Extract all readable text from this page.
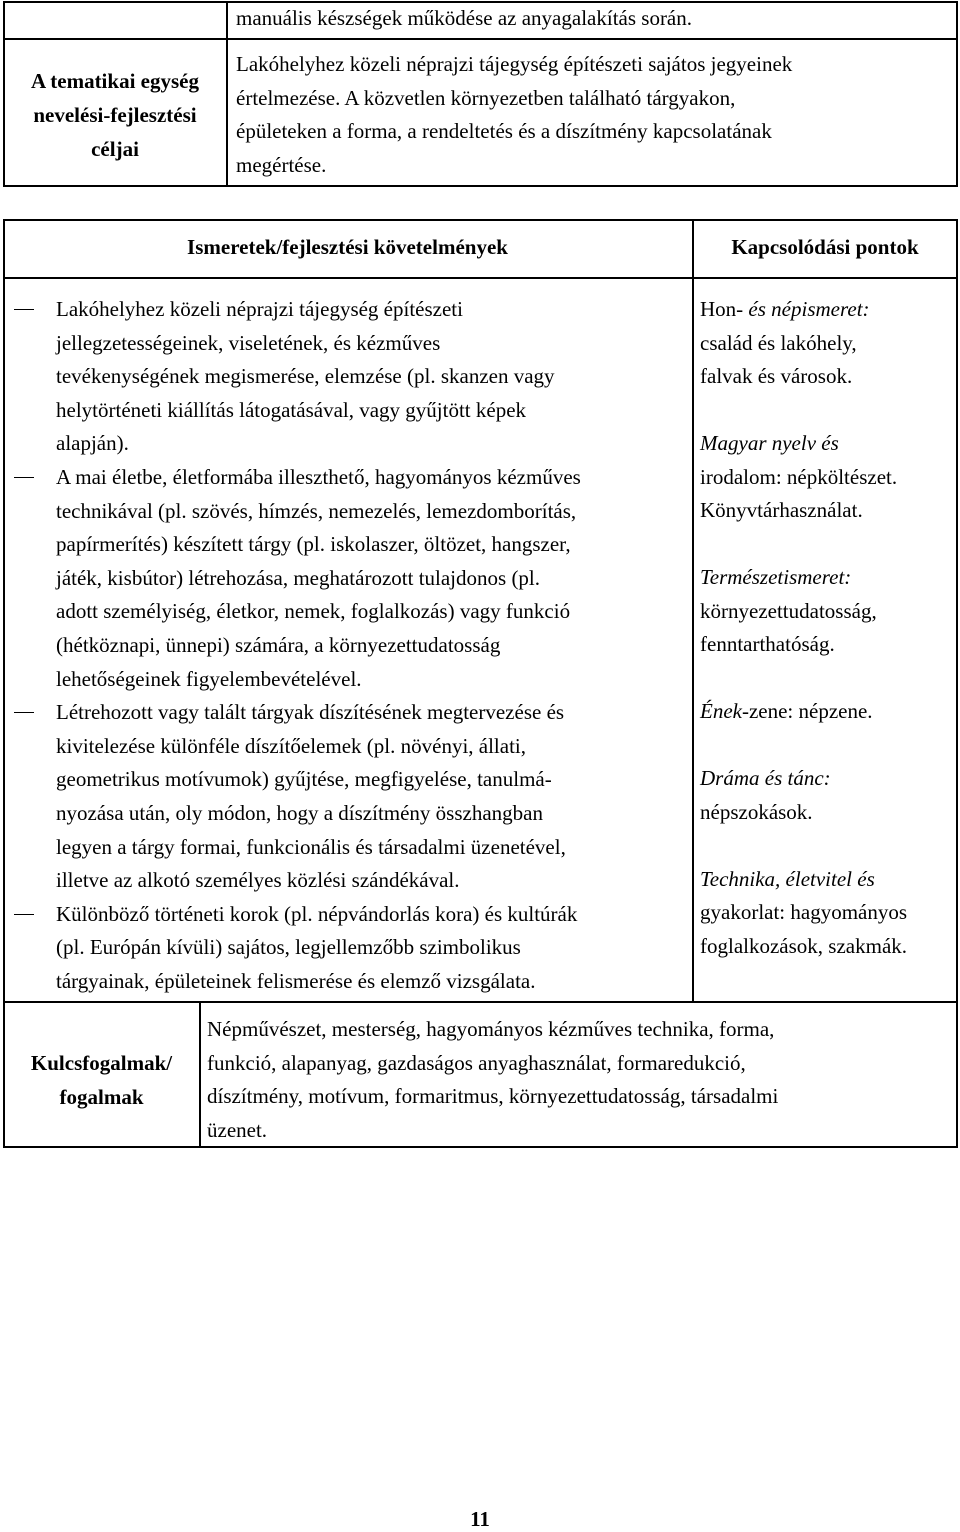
manuális készségek működése az anyagalakítás során.
A tematikai egység
nevelési-fejlesztési
céljai
Lakóhelyhez közeli néprajzi tájegység építészeti sajátos jegyeinek
értelmezése. A közvetlen környezetben található tárgyakon,
épületeken a forma, a rendeltetés és a díszítmény kapcsolatának
megértése.
Ismeretek/fejlesztési követelmények	Kapcsolódási pontok
Lakóhelyhez közeli néprajzi tájegység építészeti
jellegzetességeinek, viseletének, és kézműves
tevékenységének megismerése, elemzése (pl. skanzen vagy
helytörténeti kiállítás látogatásával, vagy gyűjtött képek
alapján).
A mai életbe, életformába illeszthető, hagyományos kézműves
technikával (pl. szövés, hímzés, nemezelés, lemezdomborítás,
papírmerítés) készített tárgy (pl. iskolaszer, öltözet, hangszer,
játék, kisbútor) létrehozása, meghatározott tulajdonos (pl.
adott személyiség, életkor, nemek, foglalkozás) vagy funkció
(hétköznapi, ünnepi) számára, a környezettudatosság
lehetőségeinek figyelembevételével.
Létrehozott vagy talált tárgyak díszítésének megtervezése és
kivitelezése különféle díszítőelemek (pl. növényi, állati,
geometrikus motívumok) gyűjtése, megfigyelése, tanulmá-
nyozása után, oly módon, hogy a díszítmény összhangban
legyen a tárgy formai, funkcionális és társadalmi üzenetével,
illetve az alkotó személyes közlési szándékával.
Különböző történeti korok (pl. népvándorlás kora) és kultúrák
(pl. Európán kívüli) sajátos, legjellemzőbb szimbolikus
tárgyainak, épületeinek felismerése és elemző vizsgálata.
Hon- és népismeret:
család és lakóhely,
falvak és városok.
Magyar nyelv és
irodalom: népköltészet.
Könyvtárhasználat.
Természetismeret:
környezettudatosság,
fenntarthatóság.
Ének-zene: népzene.
Dráma és tánc:
népszokások.
Technika, életvitel és
gyakorlat: hagyományos
foglalkozások, szakmák.
Kulcsfogalmak/
fogalmak
Népművészet, mesterség, hagyományos kézműves technika, forma,
funkció, alapanyag, gazdaságos anyaghasználat, formaredukció,
díszítmény, motívum, formaritmus, környezettudatosság, társadalmi
üzenet.
11
